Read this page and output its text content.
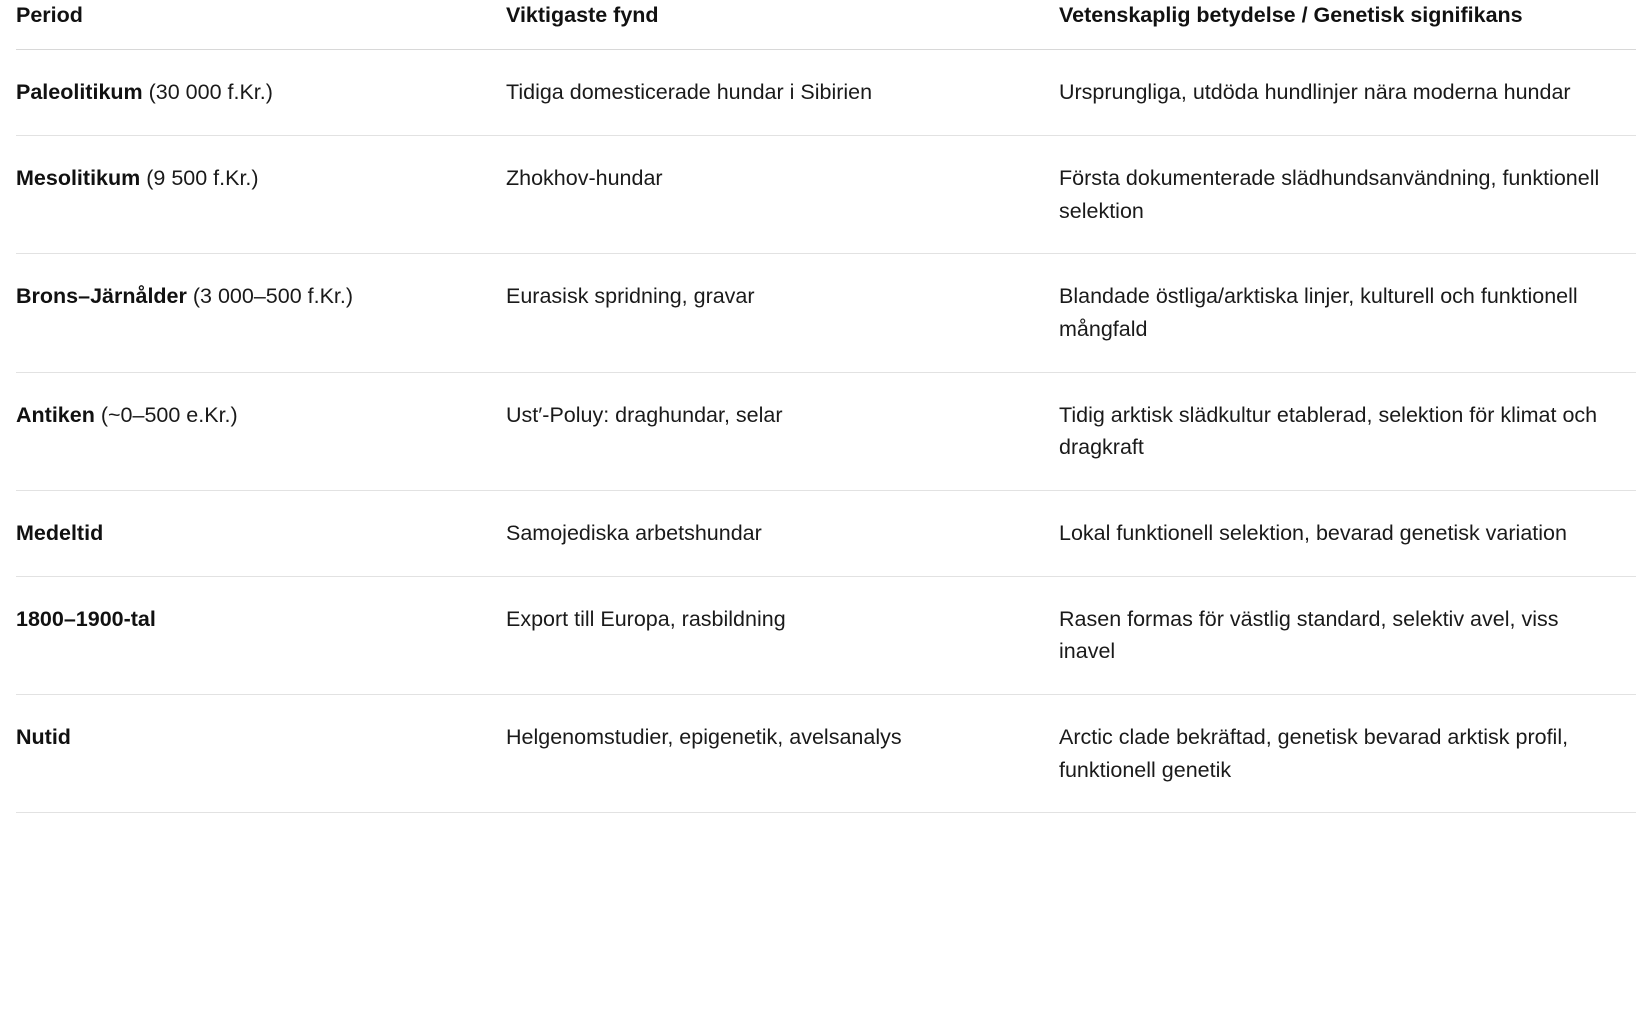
Period	Viktigaste fynd	Vetenskaplig betydelse / Genetisk signifikans
Paleolitikum (30 000 f.Kr.)	Tidiga domesticerade hundar i Sibirien	Ursprungliga, utdöda hundlinjer nära moderna hundar

Mesolitikum (9 500 f.Kr.)	Zhokhov-hundar	Första dokumenterade slädhundsanvändning, funktionell selektion

Brons–Järnålder (3 000–500 f.Kr.)	Eurasisk spridning, gravar	Blandade östliga/arktiska linjer, kulturell och funktionell mångfald

Antiken (~0–500 e.Kr.)	Ust′-Poluy: draghundar, selar	Tidig arktisk slädkultur etablerad, selektion för klimat och dragkraft

Medeltid	Samojediska arbetshundar	Lokal funktionell selektion, bevarad genetisk variation

1800–1900-tal	Export till Europa, rasbildning	Rasen formas för västlig standard, selektiv avel, viss inavel

Nutid	Helgenomstudier, epigenetik, avelsanalys	Arctic clade bekräftad, genetisk bevarad arktisk profil, funktionell genetik
